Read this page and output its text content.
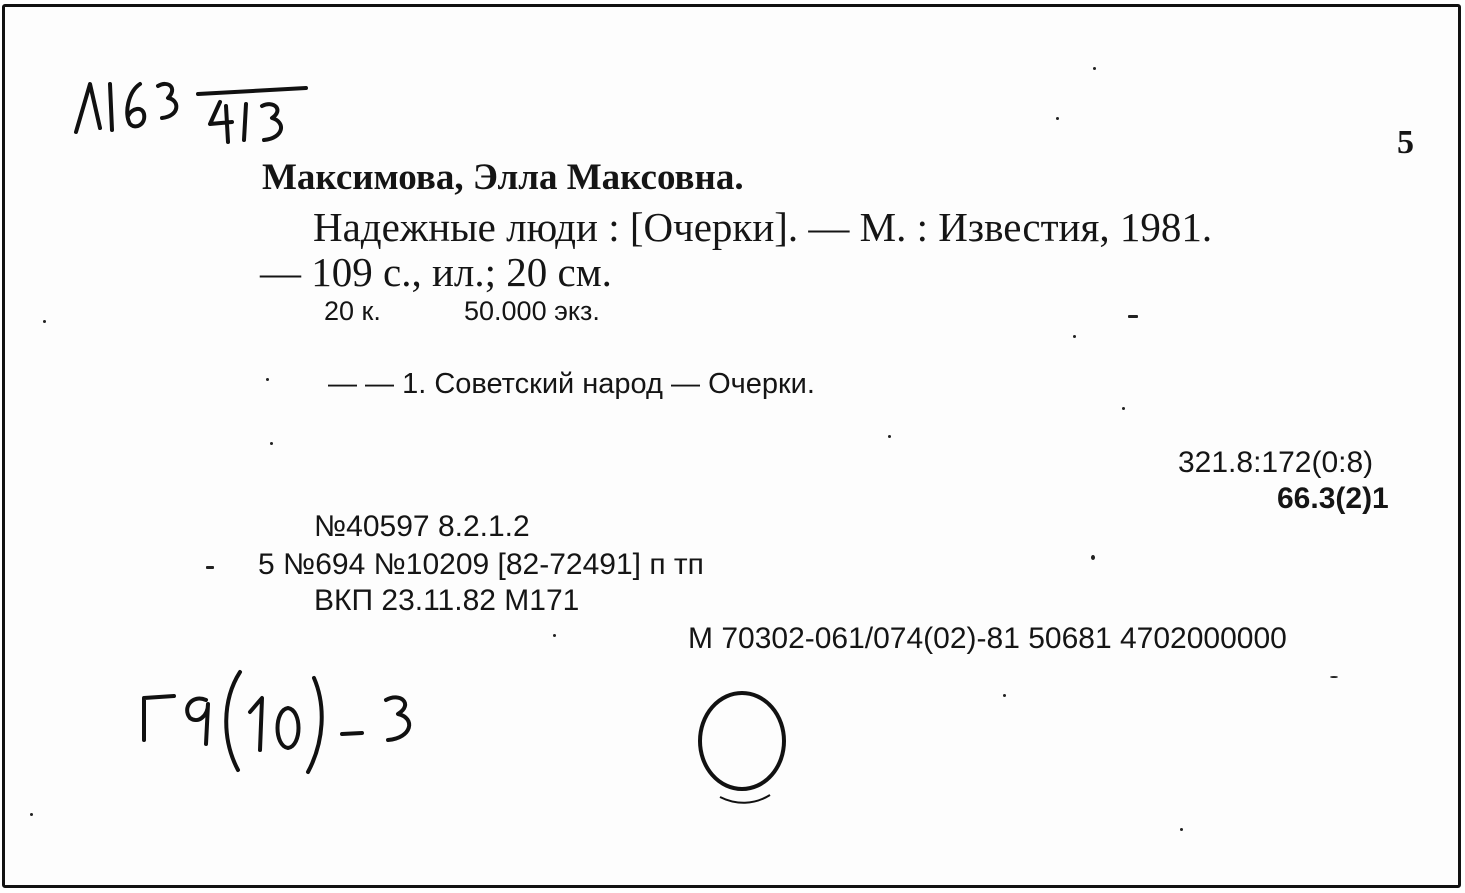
5
Максимова, Элла Максовна.
Надежные люди : [Очерки]. — М. : Известия, 1981.
— 109 с., ил.; 20 см.
20 к.	50.000 экз.
— — 1. Советский народ — Очерки.
321.8:172(0:8)
66.3(2)1
№40597 8.2.1.2
5 №694 №10209 [82-72491] п тп
ВКП 23.11.82 М171
М 70302-061/074(02)-81 50681 4702000000
